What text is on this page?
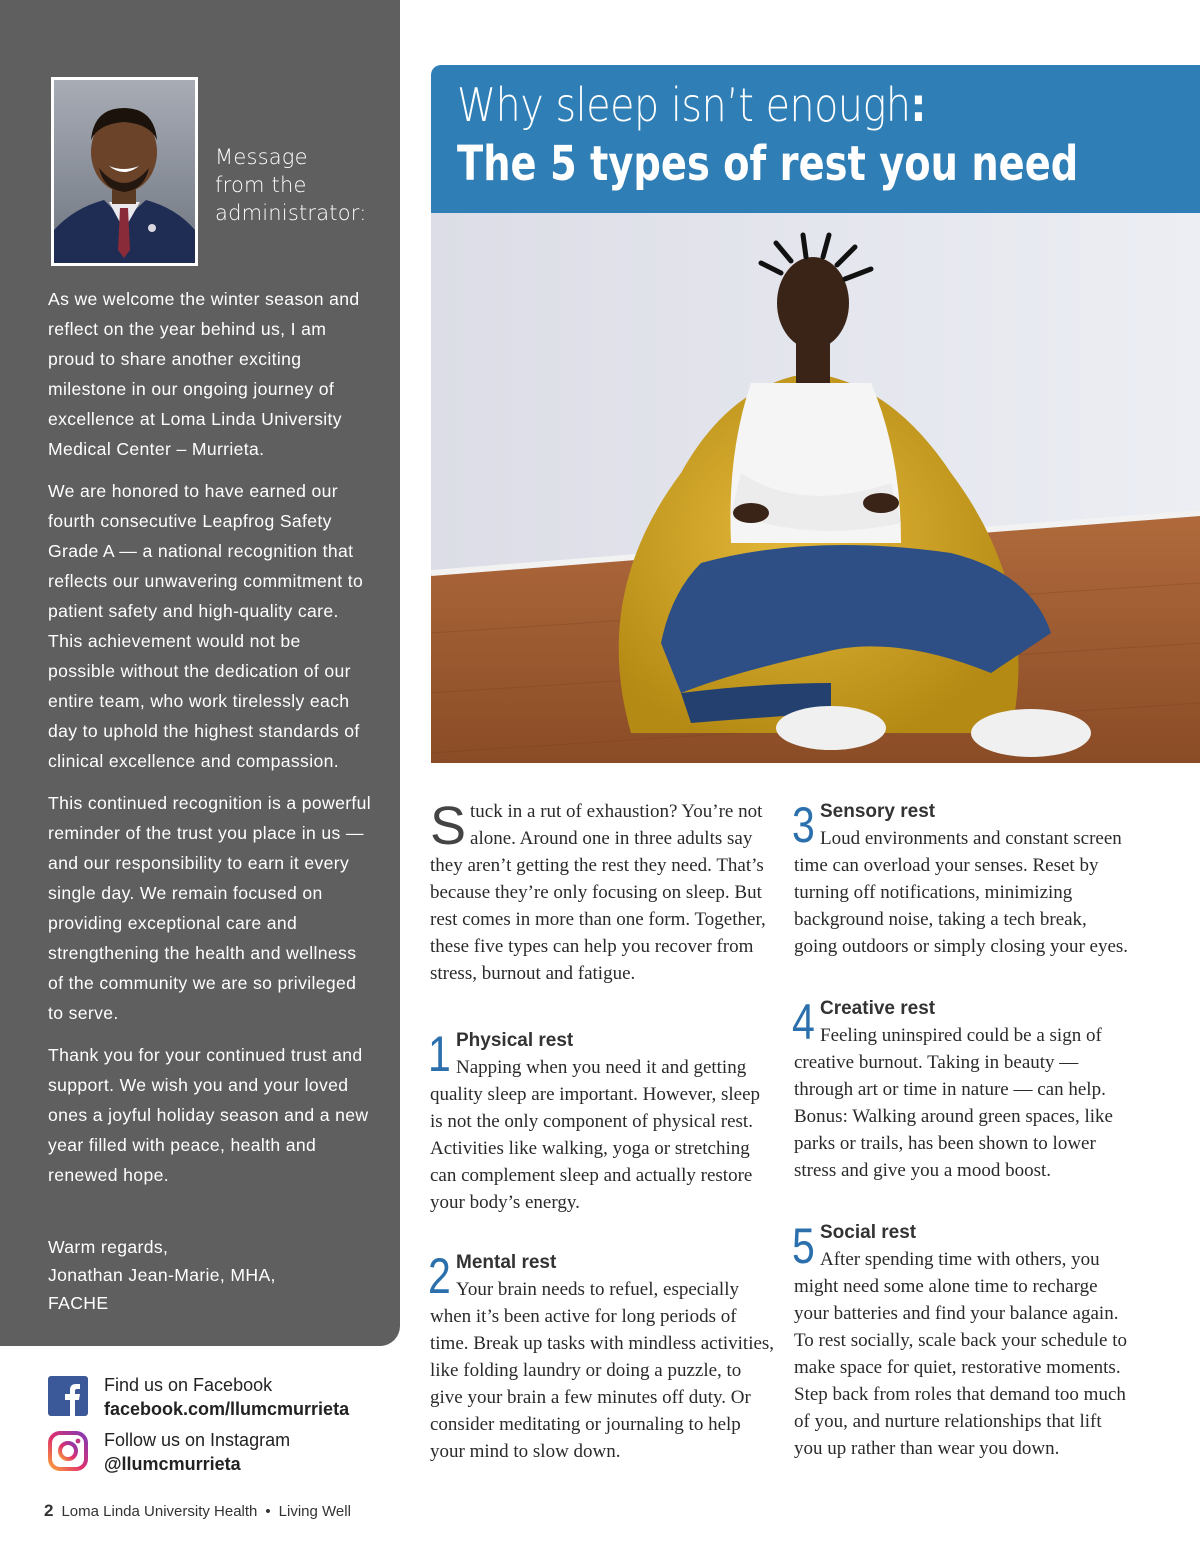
Message
from the
administrator:

As we welcome the winter season and reflect on the year behind us, I am proud to share another exciting milestone in our ongoing journey of excellence at Loma Linda University Medical Center – Murrieta.

We are honored to have earned our fourth consecutive Leapfrog Safety Grade A — a national recognition that reflects our unwavering commitment to patient safety and high-quality care. This achievement would not be possible without the dedication of our entire team, who work tirelessly each day to uphold the highest standards of clinical excellence and compassion.

This continued recognition is a powerful reminder of the trust you place in us — and our responsibility to earn it every single day. We remain focused on providing exceptional care and strengthening the health and wellness of the community we are so privileged to serve.

Thank you for your continued trust and support. We wish you and your loved ones a joyful holiday season and a new year filled with peace, health and renewed hope.

Warm regards,
Jonathan Jean-Marie, MHA,
FACHE
Find us on Facebook
facebook.com/llumcmurrieta
Follow us on Instagram
@llumcmurrieta
2 Loma Linda University Health • Living Well
Why sleep isn’t enough:
The 5 types of rest you need

Stuck in a rut of exhaustion? You’re not alone. Around one in three adults say they aren’t getting the rest they need. That’s because they’re only focusing on sleep. But rest comes in more than one form. Together, these five types can help you recover from stress, burnout and fatigue.

1 Physical rest
Napping when you need it and getting quality sleep are important. However, sleep is not the only component of physical rest. Activities like walking, yoga or stretching can complement sleep and actually restore your body’s energy.
2 Mental rest
Your brain needs to refuel, especially when it’s been active for long periods of time. Break up tasks with mindless activities, like folding laundry or doing a puzzle, to give your brain a few minutes off duty. Or consider meditating or journaling to help your mind to slow down.
3 Sensory rest
Loud environments and constant screen time can overload your senses. Reset by turning off notifications, minimizing background noise, taking a tech break, going outdoors or simply closing your eyes.
4 Creative rest
Feeling uninspired could be a sign of creative burnout. Taking in beauty — through art or time in nature — can help. Bonus: Walking around green spaces, like parks or trails, has been shown to lower stress and give you a mood boost.
5 Social rest
After spending time with others, you might need some alone time to recharge your batteries and find your balance again. To rest socially, scale back your schedule to make space for quiet, restorative moments. Step back from roles that demand too much of you, and nurture relationships that lift you up rather than wear you down.
